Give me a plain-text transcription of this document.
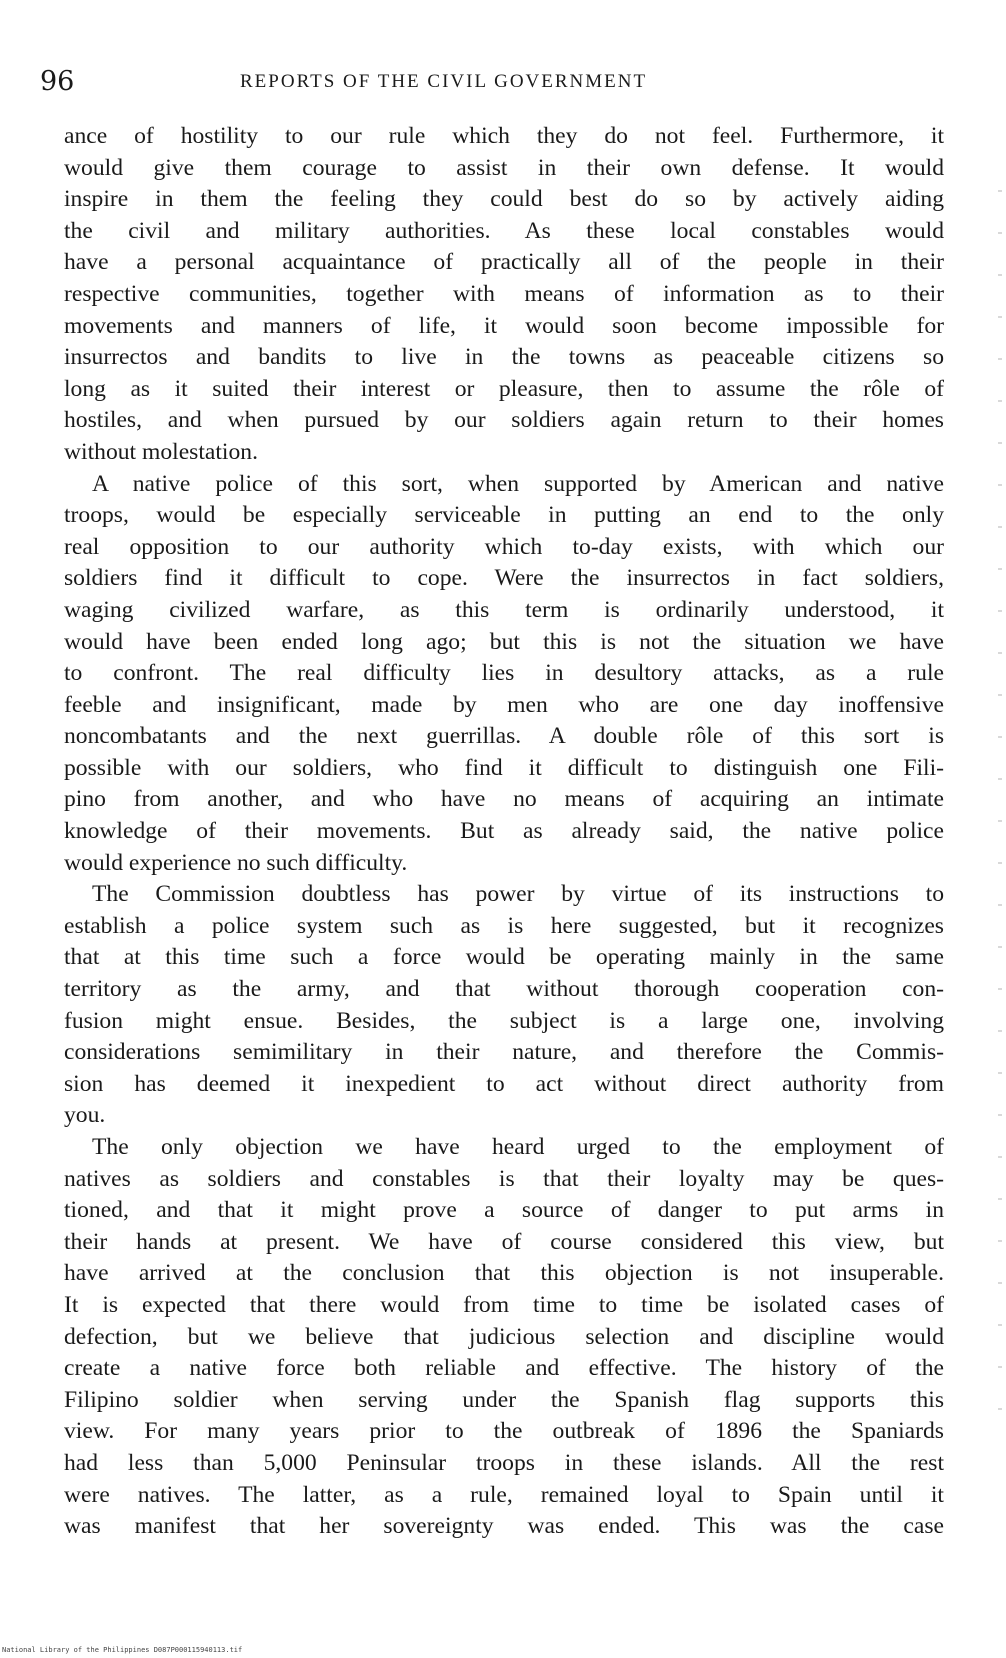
96	REPORTS OF THE CIVIL GOVERNMENT
ance of hostility to our rule which they do not feel. Furthermore, it
would give them courage to assist in their own defense. It would
inspire in them the feeling they could best do so by actively aiding
the civil and military authorities. As these local constables would
have a personal acquaintance of practically all of the people in their
respective communities, together with means of information as to their
movements and manners of life, it would soon become impossible for
insurrectos and bandits to live in the towns as peaceable citizens so
long as it suited their interest or pleasure, then to assume the rôle of
hostiles, and when pursued by our soldiers again return to their homes
without molestation.
A native police of this sort, when supported by American and native
troops, would be especially serviceable in putting an end to the only
real opposition to our authority which to-day exists, with which our
soldiers find it difficult to cope. Were the insurrectos in fact soldiers,
waging civilized warfare, as this term is ordinarily understood, it
would have been ended long ago; but this is not the situation we have
to confront. The real difficulty lies in desultory attacks, as a rule
feeble and insignificant, made by men who are one day inoffensive
noncombatants and the next guerrillas. A double rôle of this sort is
possible with our soldiers, who find it difficult to distinguish one Fili-
pino from another, and who have no means of acquiring an intimate
knowledge of their movements. But as already said, the native police
would experience no such difficulty.
The Commission doubtless has power by virtue of its instructions to
establish a police system such as is here suggested, but it recognizes
that at this time such a force would be operating mainly in the same
territory as the army, and that without thorough cooperation con-
fusion might ensue. Besides, the subject is a large one, involving
considerations semimilitary in their nature, and therefore the Commis-
sion has deemed it inexpedient to act without direct authority from
you.
The only objection we have heard urged to the employment of
natives as soldiers and constables is that their loyalty may be ques-
tioned, and that it might prove a source of danger to put arms in
their hands at present. We have of course considered this view, but
have arrived at the conclusion that this objection is not insuperable.
It is expected that there would from time to time be isolated cases of
defection, but we believe that judicious selection and discipline would
create a native force both reliable and effective. The history of the
Filipino soldier when serving under the Spanish flag supports this
view. For many years prior to the outbreak of 1896 the Spaniards
had less than 5,000 Peninsular troops in these islands. All the rest
were natives. The latter, as a rule, remained loyal to Spain until it
was manifest that her sovereignty was ended. This was the case
National Library of the Philippines D087P000115940113.tif
